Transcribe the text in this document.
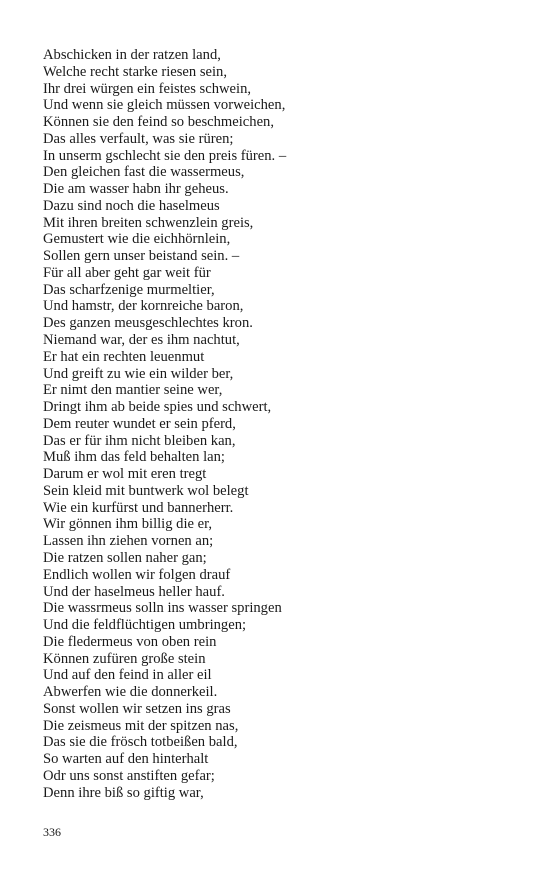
Abschicken in der ratzen land,
Welche recht starke riesen sein,
Ihr drei würgen ein feistes schwein,
Und wenn sie gleich müssen vorweichen,
Können sie den feind so beschmeichen,
Das alles verfault, was sie rüren;
In unserm gschlecht sie den preis füren. –
Den gleichen fast die wassermeus,
Die am wasser habn ihr geheus.
Dazu sind noch die haselmeus
Mit ihren breiten schwenzlein greis,
Gemustert wie die eichhörnlein,
Sollen gern unser beistand sein. –
Für all aber geht gar weit für
Das scharfzenige murmeltier,
Und hamstr, der kornreiche baron,
Des ganzen meusgeschlechtes kron.
Niemand war, der es ihm nachtut,
Er hat ein rechten leuenmut
Und greift zu wie ein wilder ber,
Er nimt den mantier seine wer,
Dringt ihm ab beide spies und schwert,
Dem reuter wundet er sein pferd,
Das er für ihm nicht bleiben kan,
Muß ihm das feld behalten lan;
Darum er wol mit eren tregt
Sein kleid mit buntwerk wol belegt
Wie ein kurfürst und bannerherr.
Wir gönnen ihm billig die er,
Lassen ihn ziehen vornen an;
Die ratzen sollen naher gan;
Endlich wollen wir folgen drauf
Und der haselmeus heller hauf.
Die wassrmeus solln ins wasser springen
Und die feldflüchtigen umbringen;
Die fledermeus von oben rein
Können zufüren große stein
Und auf den feind in aller eil
Abwerfen wie die donnerkeil.
Sonst wollen wir setzen ins gras
Die zeismeus mit der spitzen nas,
Das sie die frösch totbeißen bald,
So warten auf den hinterhalt
Odr uns sonst anstiften gefar;
Denn ihre biß so giftig war,
336
